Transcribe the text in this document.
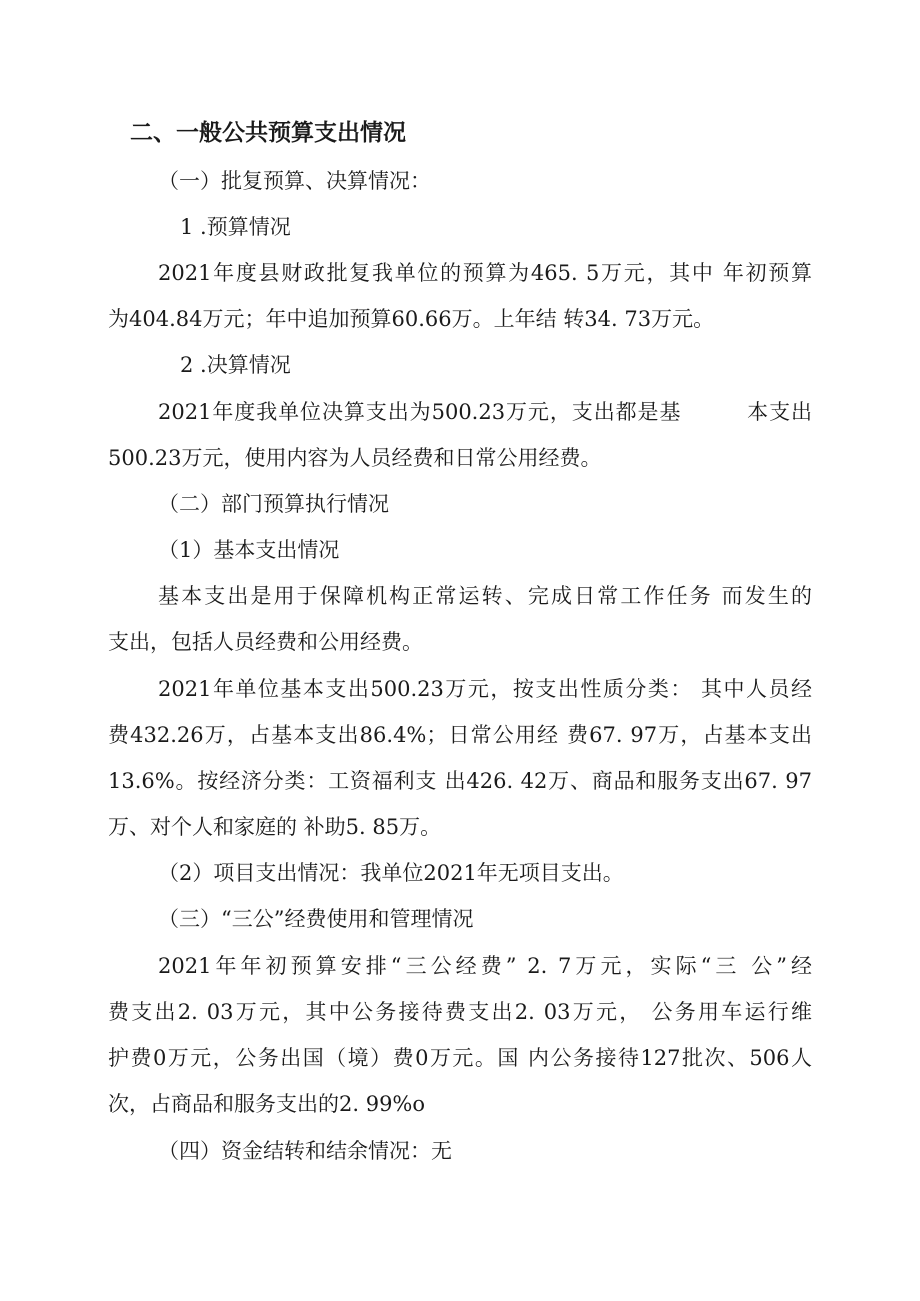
二、一般公共预算支出情况
（一）批复预算、决算情况：
1 .预算情况
2021年度县财政批复我单位的预算为465. 5万元，其中 年初预算
为404.84万元；年中追加预算60.66万。上年结 转34. 73万元。
2 .决算情况
2021年度我单位决算支出为500.23万元，支出都是基　　　本支出
500.23万元，使用内容为人员经费和日常公用经费。
（二）部门预算执行情况
（1）基本支出情况
基本支出是用于保障机构正常运转、完成日常工作任务 而发生的
支出，包括人员经费和公用经费。
2021年单位基本支出500.23万元，按支出性质分类： 其中人员经
费432.26万，占基本支出86.4%；日常公用经 费67. 97万，占基本支出
13.6%。按经济分类：工资福利支 出426. 42万、商品和服务支出67. 97
万、对个人和家庭的 补助5. 85万。
（2）项目支出情况：我单位2021年无项目支出。
（三）“三公”经费使用和管理情况
2021年年初预算安排“三公经费” 2. 7万元，实际“三 公”经
费支出2. 03万元，其中公务接待费支出2. 03万元， 公务用车运行维
护费0万元，公务出国（境）费0万元。国 内公务接待127批次、506人
次，占商品和服务支出的2. 99%o
（四）资金结转和结余情况：无
